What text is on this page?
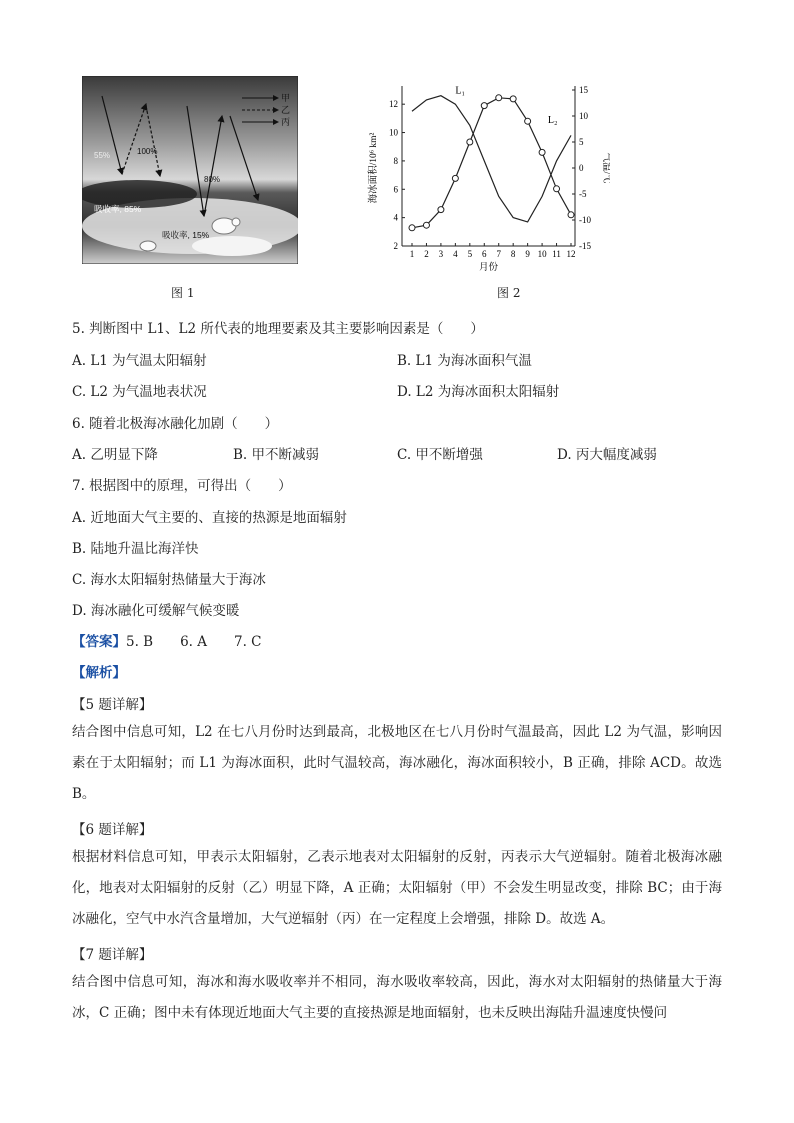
甲
乙
丙
100%
55%
80%
吸收率, 85%
吸收率, 15%
图 1
1 2 3 4 5 6 7 8 9 10 11 12
2
4
6
8
10
12
-15
-10
-5
0
5
10
15
月份
海冰面积/10⁶ km²	气温/℃
L₁
L₂
图 2
5. 判断图中 L1、L2 所代表的地理要素及其主要影响因素是（　　）
A. L1 为气温太阳辐射	B. L1 为海冰面积气温
C. L2 为气温地表状况	D. L2 为海冰面积太阳辐射
6. 随着北极海冰融化加剧（　　）
A. 乙明显下降	B. 甲不断减弱	C. 甲不断增强	D. 丙大幅度减弱
7. 根据图中的原理，可得出（　　）
A. 近地面大气主要的、直接的热源是地面辐射
B. 陆地升温比海洋快
C. 海水太阳辐射热储量大于海冰
D. 海冰融化可缓解气候变暖
【答案】5. B　　6. A　　7. C
【解析】
【5 题详解】
结合图中信息可知，L2 在七八月份时达到最高，北极地区在七八月份时气温最高，因此 L2 为气温，影响因素在于太阳辐射；而 L1 为海冰面积，此时气温较高，海冰融化，海冰面积较小，B 正确，排除 ACD。故选 B。
【6 题详解】
根据材料信息可知，甲表示太阳辐射，乙表示地表对太阳辐射的反射，丙表示大气逆辐射。随着北极海冰融化，地表对太阳辐射的反射（乙）明显下降，A 正确；太阳辐射（甲）不会发生明显改变，排除 BC；由于海冰融化，空气中水汽含量增加，大气逆辐射（丙）在一定程度上会增强，排除 D。故选 A。
【7 题详解】
结合图中信息可知，海冰和海水吸收率并不相同，海水吸收率较高，因此，海水对太阳辐射的热储量大于海冰，C 正确；图中未有体现近地面大气主要的直接热源是地面辐射，也未反映出海陆升温速度快慢问
